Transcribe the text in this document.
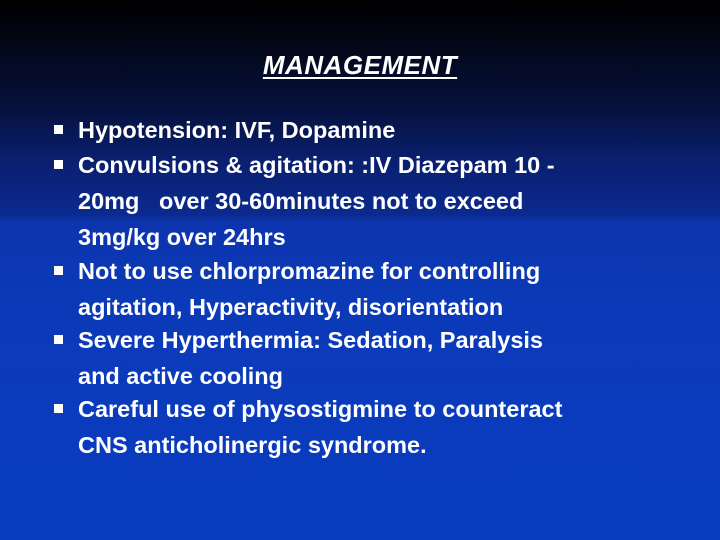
MANAGEMENT
Hypotension: IVF, Dopamine
Convulsions & agitation: :IV Diazepam 10 -
20mg   over 30-60minutes not to exceed
3mg/kg over 24hrs
Not to use chlorpromazine for controlling
agitation, Hyperactivity, disorientation
Severe Hyperthermia: Sedation, Paralysis
and active cooling
Careful use of physostigmine to counteract
CNS anticholinergic syndrome.
